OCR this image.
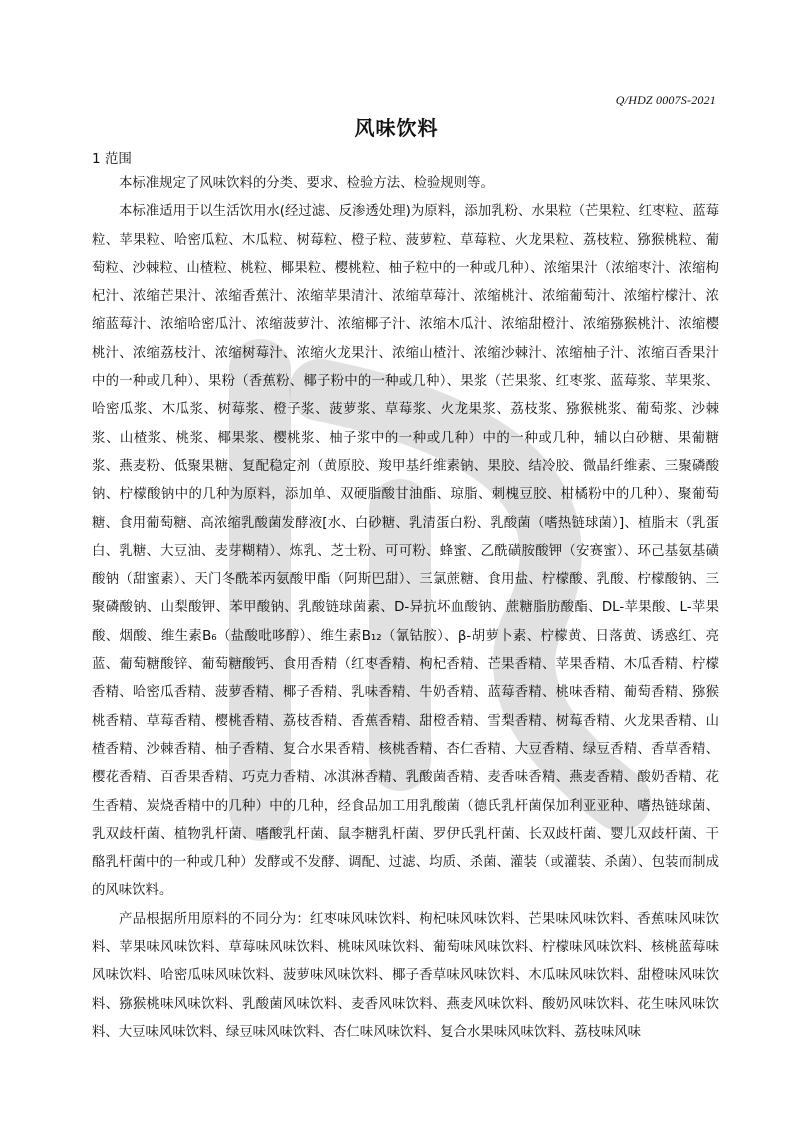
Q/HDZ 0007S-2021
风味饮料
1 范围

本标准规定了风味饮料的分类、要求、检验方法、检验规则等。

本标准适用于以生活饮用水(经过滤、反渗透处理)为原料，添加乳粉、水果粒（芒果粒、红枣粒、蓝莓粒、苹果粒、哈密瓜粒、木瓜粒、树莓粒、橙子粒、菠萝粒、草莓粒、火龙果粒、荔枝粒、猕猴桃粒、葡萄粒、沙棘粒、山楂粒、桃粒、椰果粒、樱桃粒、柚子粒中的一种或几种）、浓缩果汁（浓缩枣汁、浓缩枸杞汁、浓缩芒果汁、浓缩香蕉汁、浓缩苹果清汁、浓缩草莓汁、浓缩桃汁、浓缩葡萄汁、浓缩柠檬汁、浓缩蓝莓汁、浓缩哈密瓜汁、浓缩菠萝汁、浓缩椰子汁、浓缩木瓜汁、浓缩甜橙汁、浓缩猕猴桃汁、浓缩樱桃汁、浓缩荔枝汁、浓缩树莓汁、浓缩火龙果汁、浓缩山楂汁、浓缩沙棘汁、浓缩柚子汁、浓缩百香果汁中的一种或几种）、果粉（香蕉粉、椰子粉中的一种或几种）、果浆（芒果浆、红枣浆、蓝莓浆、苹果浆、哈密瓜浆、木瓜浆、树莓浆、橙子浆、菠萝浆、草莓浆、火龙果浆、荔枝浆、猕猴桃浆、葡萄浆、沙棘浆、山楂浆、桃浆、椰果浆、樱桃浆、柚子浆中的一种或几种）中的一种或几种，辅以白砂糖、果葡糖浆、燕麦粉、低聚果糖、复配稳定剂（黄原胶、羧甲基纤维素钠、果胶、结冷胶、微晶纤维素、三聚磷酸钠、柠檬酸钠中的几种为原料，添加单、双硬脂酸甘油酯、琼脂、刺槐豆胶、柑橘粉中的几种）、聚葡萄糖、食用葡萄糖、高浓缩乳酸菌发酵液[水、白砂糖、乳清蛋白粉、乳酸菌（嗜热链球菌）]、植脂末（乳蛋白、乳糖、大豆油、麦芽糊精）、炼乳、芝士粉、可可粉、蜂蜜、乙酰磺胺酸钾（安赛蜜）、环己基氨基磺酸钠（甜蜜素）、天门冬酰苯丙氨酸甲酯（阿斯巴甜）、三氯蔗糖、食用盐、柠檬酸、乳酸、柠檬酸钠、三聚磷酸钠、山梨酸钾、苯甲酸钠、乳酸链球菌素、D-异抗坏血酸钠、蔗糖脂肪酸酯、DL-苹果酸、L-苹果酸、烟酸、维生素B₆（盐酸吡哆醇）、维生素B₁₂（氰钴胺）、β-胡萝卜素、柠檬黄、日落黄、诱惑红、亮蓝、葡萄糖酸锌、葡萄糖酸钙、食用香精（红枣香精、枸杞香精、芒果香精、苹果香精、木瓜香精、柠檬香精、哈密瓜香精、菠萝香精、椰子香精、乳味香精、牛奶香精、蓝莓香精、桃味香精、葡萄香精、猕猴桃香精、草莓香精、樱桃香精、荔枝香精、香蕉香精、甜橙香精、雪梨香精、树莓香精、火龙果香精、山楂香精、沙棘香精、柚子香精、复合水果香精、核桃香精、杏仁香精、大豆香精、绿豆香精、香草香精、樱花香精、百香果香精、巧克力香精、冰淇淋香精、乳酸菌香精、麦香味香精、燕麦香精、酸奶香精、花生香精、炭烧香精中的几种）中的几种，经食品加工用乳酸菌（德氏乳杆菌保加利亚亚种、嗜热链球菌、乳双歧杆菌、植物乳杆菌、嗜酸乳杆菌、鼠李糖乳杆菌、罗伊氏乳杆菌、长双歧杆菌、婴儿双歧杆菌、干酪乳杆菌中的一种或几种）发酵或不发酵、调配、过滤、均质、杀菌、灌装（或灌装、杀菌）、包装而制成的风味饮料。

产品根据所用原料的不同分为：红枣味风味饮料、枸杞味风味饮料、芒果味风味饮料、香蕉味风味饮料、苹果味风味饮料、草莓味风味饮料、桃味风味饮料、葡萄味风味饮料、柠檬味风味饮料、核桃蓝莓味风味饮料、哈密瓜味风味饮料、菠萝味风味饮料、椰子香草味风味饮料、木瓜味风味饮料、甜橙味风味饮料、猕猴桃味风味饮料、乳酸菌风味饮料、麦香风味饮料、燕麦风味饮料、酸奶风味饮料、花生味风味饮料、大豆味风味饮料、绿豆味风味饮料、杏仁味风味饮料、复合水果味风味饮料、荔枝味风味
